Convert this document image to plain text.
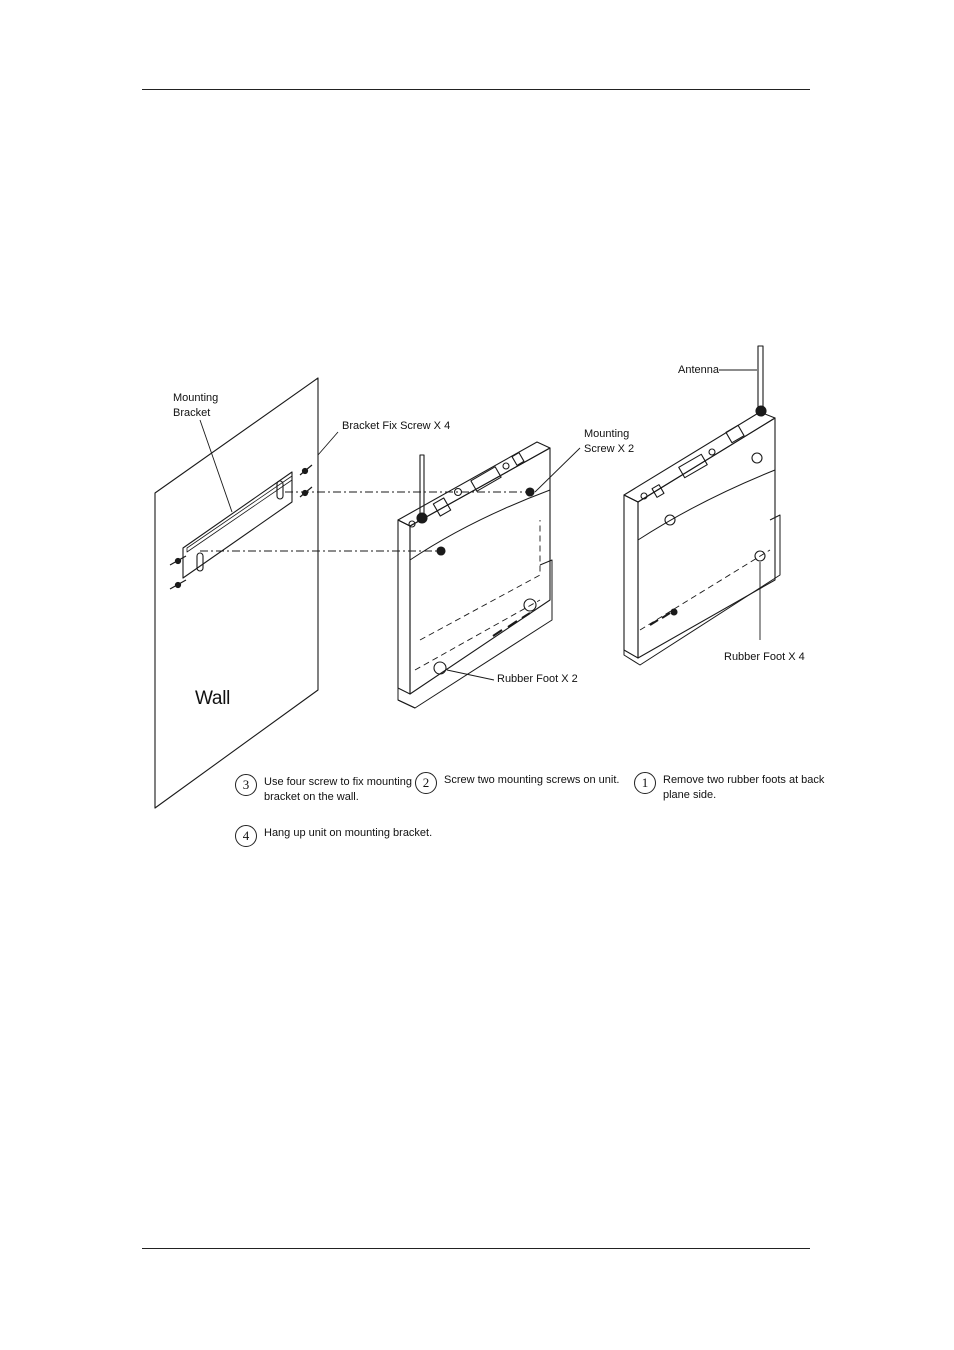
Mounting
Bracket
Bracket Fix Screw X 4
Mounting
Screw X 2
Antenna
Rubber Foot X 2
Rubber Foot X 4
Wall
3	Use four screw to fix mounting
bracket on the wall.
2	Screw two mounting screws on unit.	1	Remove two rubber foots at back
plane side.
4	Hang up unit on mounting bracket.
